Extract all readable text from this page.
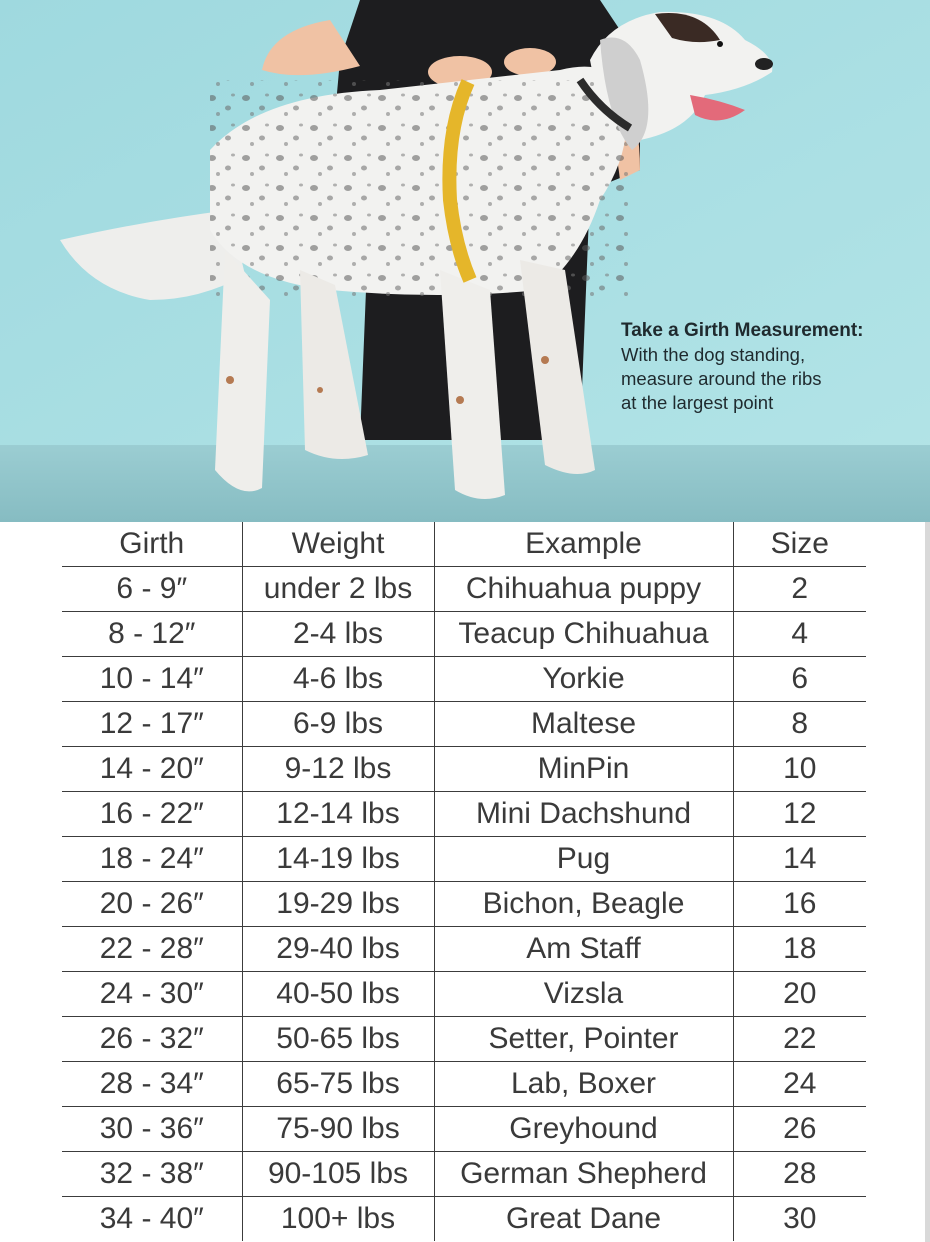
Take a Girth Measurement:
With the dog standing,
measure around the ribs
at the largest point
Girth	Weight	Example	Size
6 - 9″	under 2 lbs	Chihuahua puppy	2
8 - 12″	2-4 lbs	Teacup Chihuahua	4
10 - 14″	4-6 lbs	Yorkie	6
12 - 17″	6-9 lbs	Maltese	8
14 - 20″	9-12 lbs	MinPin	10
16 - 22″	12-14 lbs	Mini Dachshund	12
18 - 24″	14-19 lbs	Pug	14
20 - 26″	19-29 lbs	Bichon, Beagle	16
22 - 28″	29-40 lbs	Am Staff	18
24 - 30″	40-50 lbs	Vizsla	20
26 - 32″	50-65 lbs	Setter, Pointer	22
28 - 34″	65-75 lbs	Lab, Boxer	24
30 - 36″	75-90 lbs	Greyhound	26
32 - 38″	90-105 lbs	German Shepherd	28
34 - 40″	100+ lbs	Great Dane	30
